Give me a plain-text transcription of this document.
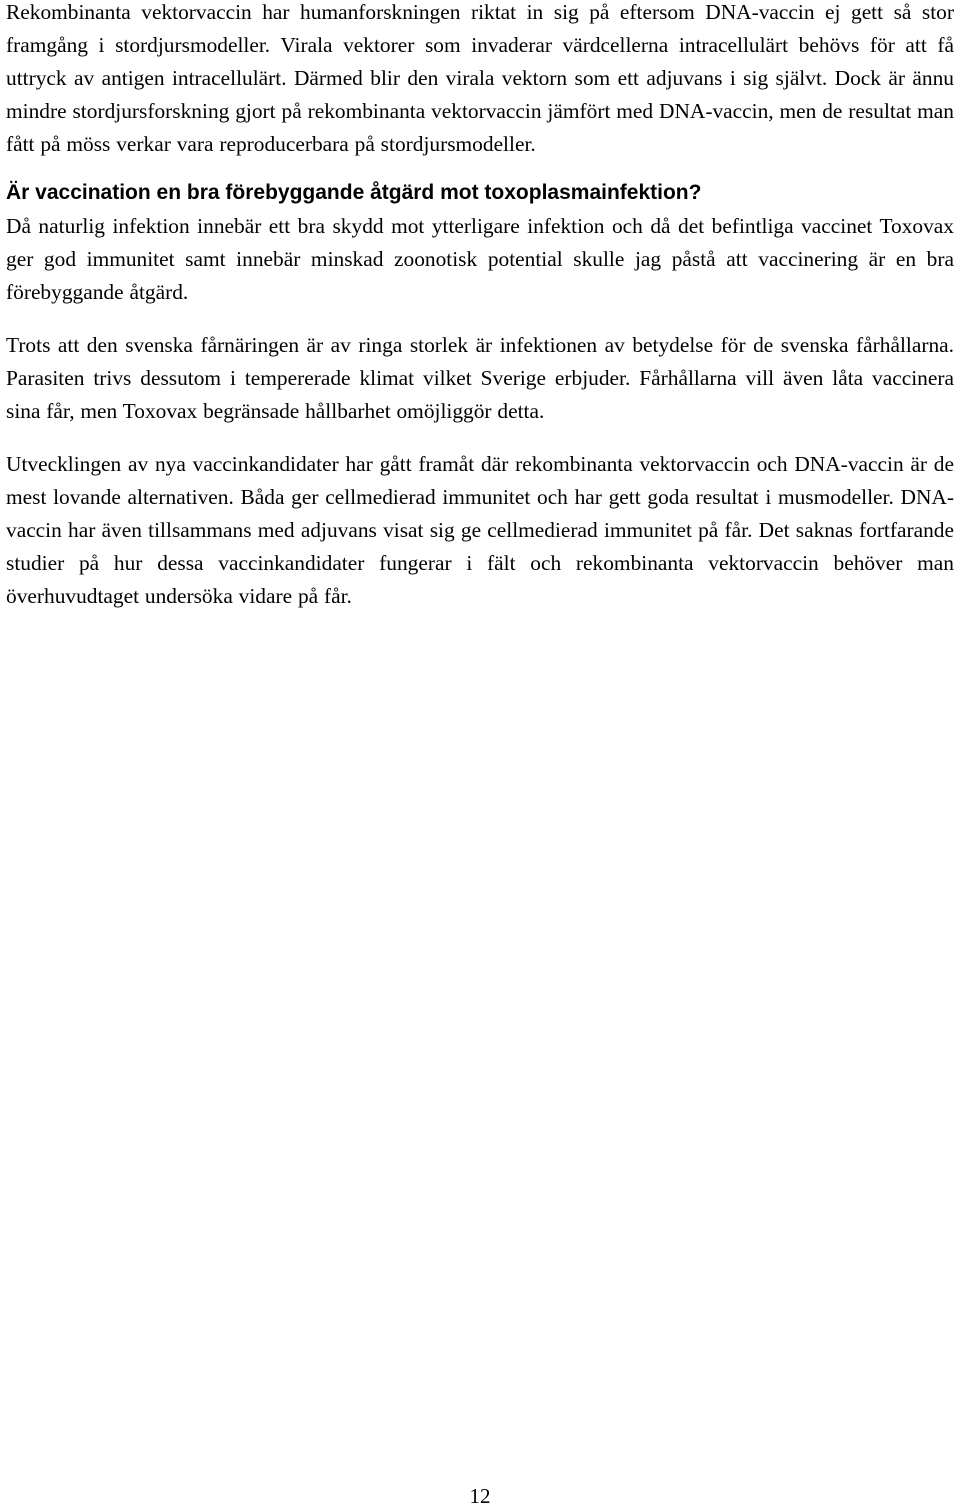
Rekombinanta vektorvaccin har humanforskningen riktat in sig på eftersom DNA-vaccin ej gett så stor framgång i stordjursmodeller. Virala vektorer som invaderar värdcellerna intracellulärt behövs för att få uttryck av antigen intracellulärt. Därmed blir den virala vektorn som ett adjuvans i sig självt. Dock är ännu mindre stordjursforskning gjort på rekombinanta vektorvaccin jämfört med DNA-vaccin, men de resultat man fått på möss verkar vara reproducerbara på stordjursmodeller.

Är vaccination en bra förebyggande åtgärd mot toxoplasmainfektion?

Då naturlig infektion innebär ett bra skydd mot ytterligare infektion och då det befintliga vaccinet Toxovax ger god immunitet samt innebär minskad zoonotisk potential skulle jag påstå att vaccinering är en bra förebyggande åtgärd.

Trots att den svenska fårnäringen är av ringa storlek är infektionen av betydelse för de svenska fårhållarna. Parasiten trivs dessutom i tempererade klimat vilket Sverige erbjuder. Fårhållarna vill även låta vaccinera sina får, men Toxovax begränsade hållbarhet omöjliggör detta.

Utvecklingen av nya vaccinkandidater har gått framåt där rekombinanta vektorvaccin och DNA-vaccin är de mest lovande alternativen. Båda ger cellmedierad immunitet och har gett goda resultat i musmodeller. DNA-vaccin har även tillsammans med adjuvans visat sig ge cellmedierad immunitet på får. Det saknas fortfarande studier på hur dessa vaccinkandidater fungerar i fält och rekombinanta vektorvaccin behöver man överhuvudtaget undersöka vidare på får.

12
